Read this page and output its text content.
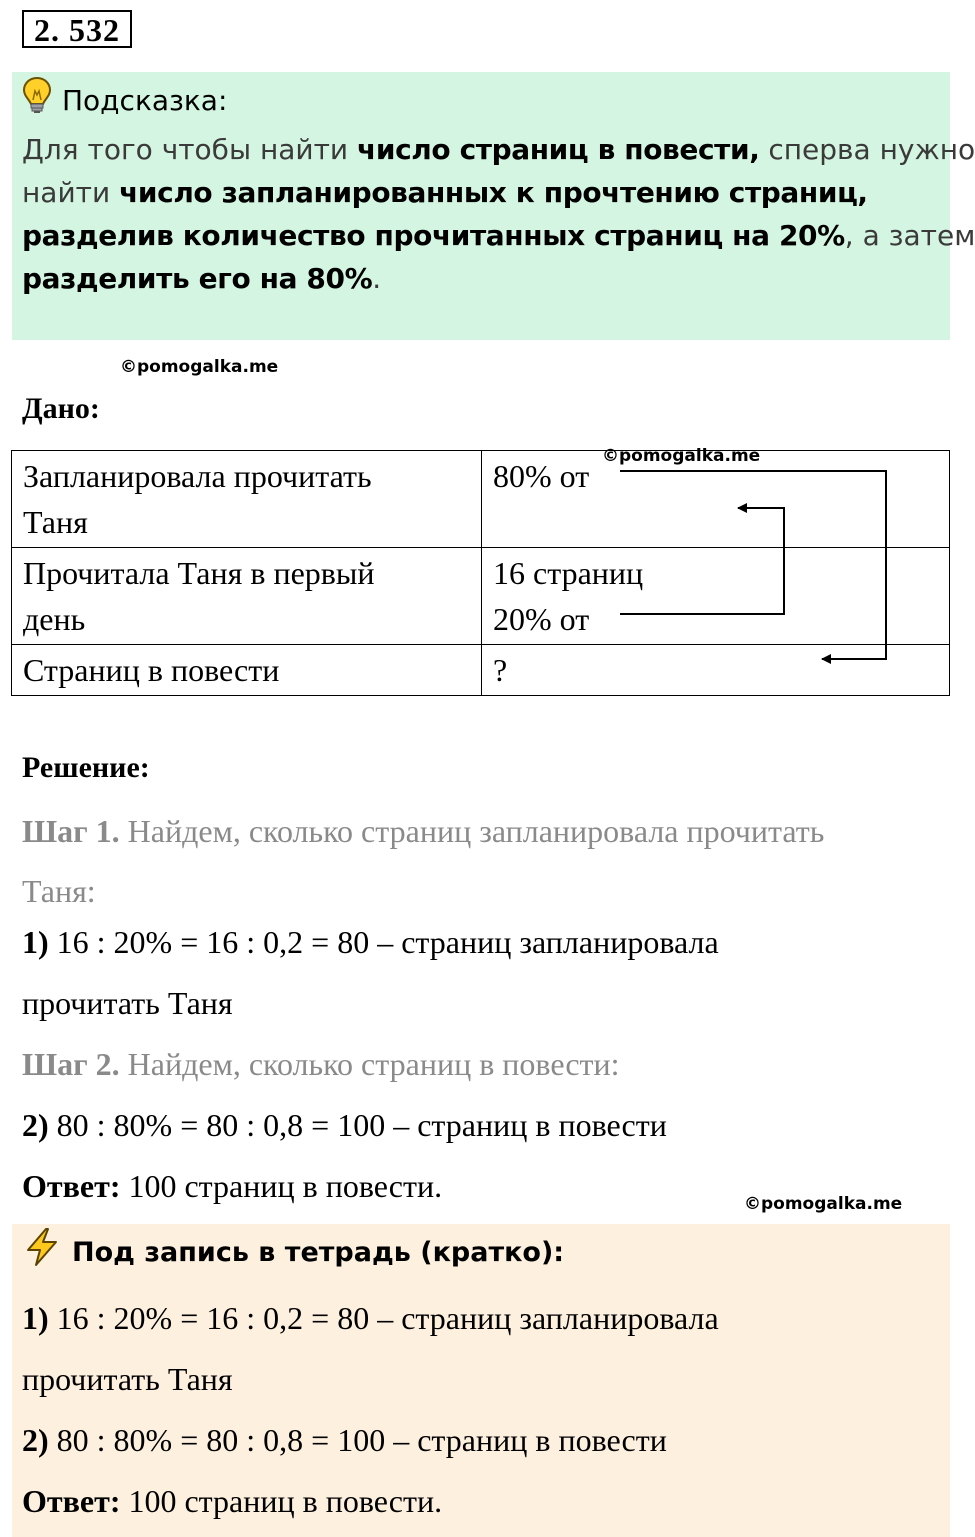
2. 532
Подсказка:

Для того чтобы найти число страниц в повести, сперва нужно
найти число запланированных к прочтению страниц,
разделив количество прочитанных страниц на 20%, а затем
разделить его на 80%.

©pomogalka.me
Дано:
Запланировала прочитать
Таня	80% от

Прочитала Таня в первый
день	16 страниц
20% от

Страниц в повести	?
©pomogalka.me
Решение:
Шаг 1. Найдем, сколько страниц запланировала прочитать
Таня:
1) 16 : 20% = 16 : 0,2 = 80 – страниц запланировала
прочитать Таня
Шаг 2. Найдем, сколько страниц в повести:
2) 80 : 80% = 80 : 0,8 = 100 – страниц в повести
Ответ: 100 страниц в повести.	©pomogalka.me
Под запись в тетрадь (кратко):
1) 16 : 20% = 16 : 0,2 = 80 – страниц запланировала
прочитать Таня
2) 80 : 80% = 80 : 0,8 = 100 – страниц в повести
Ответ: 100 страниц в повести.
